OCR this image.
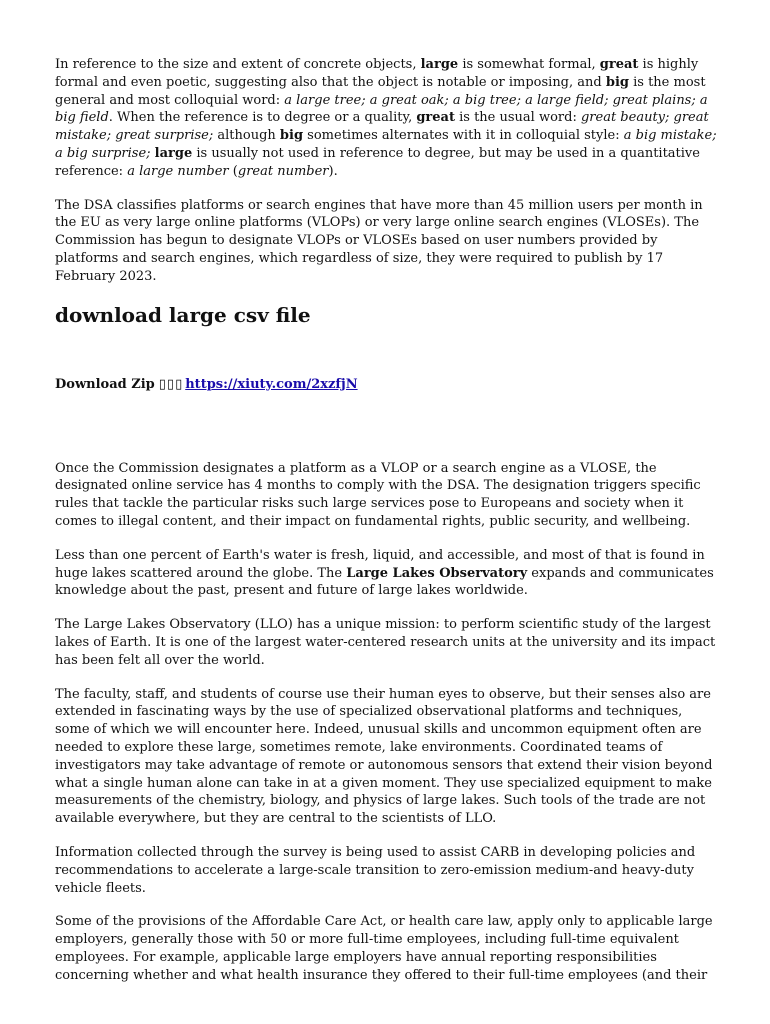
In reference to the size and extent of concrete objects, large is somewhat formal, great is highly formal and even poetic, suggesting also that the object is notable or imposing, and big is the most general and most colloquial word: a large tree; a great oak; a big tree; a large field; great plains; a big field. When the reference is to degree or a quality, great is the usual word: great beauty; great mistake; great surprise; although big sometimes alternates with it in colloquial style: a big mistake; a big surprise; large is usually not used in reference to degree, but may be used in a quantitative reference: a large number (great number).

The DSA classifies platforms or search engines that have more than 45 million users per month in the EU as very large online platforms (VLOPs) or very large online search engines (VLOSEs). The Commission has begun to designate VLOPs or VLOSEs based on user numbers provided by platforms and search engines, which regardless of size, they were required to publish by 17 February 2023.

download large csv file
Download Zip ▯▯▯ https://xiuty.com/2xzfjN

Once the Commission designates a platform as a VLOP or a search engine as a VLOSE, the designated online service has 4 months to comply with the DSA. The designation triggers specific rules that tackle the particular risks such large services pose to Europeans and society when it comes to illegal content, and their impact on fundamental rights, public security, and wellbeing.

Less than one percent of Earth's water is fresh, liquid, and accessible, and most of that is found in huge lakes scattered around the globe. The Large Lakes Observatory expands and communicates knowledge about the past, present and future of large lakes worldwide.

The Large Lakes Observatory (LLO) has a unique mission: to perform scientific study of the largest lakes of Earth. It is one of the largest water-centered research units at the university and its impact has been felt all over the world.

The faculty, staff, and students of course use their human eyes to observe, but their senses also are extended in fascinating ways by the use of specialized observational platforms and techniques, some of which we will encounter here. Indeed, unusual skills and uncommon equipment often are needed to explore these large, sometimes remote, lake environments. Coordinated teams of investigators may take advantage of remote or autonomous sensors that extend their vision beyond what a single human alone can take in at a given moment. They use specialized equipment to make measurements of the chemistry, biology, and physics of large lakes. Such tools of the trade are not available everywhere, but they are central to the scientists of LLO.

Information collected through the survey is being used to assist CARB in developing policies and recommendations to accelerate a large-scale transition to zero-emission medium-and heavy-duty vehicle fleets.

Some of the provisions of the Affordable Care Act, or health care law, apply only to applicable large employers, generally those with 50 or more full-time employees, including full-time equivalent employees. For example, applicable large employers have annual reporting responsibilities concerning whether and what health insurance they offered to their full-time employees (and their
